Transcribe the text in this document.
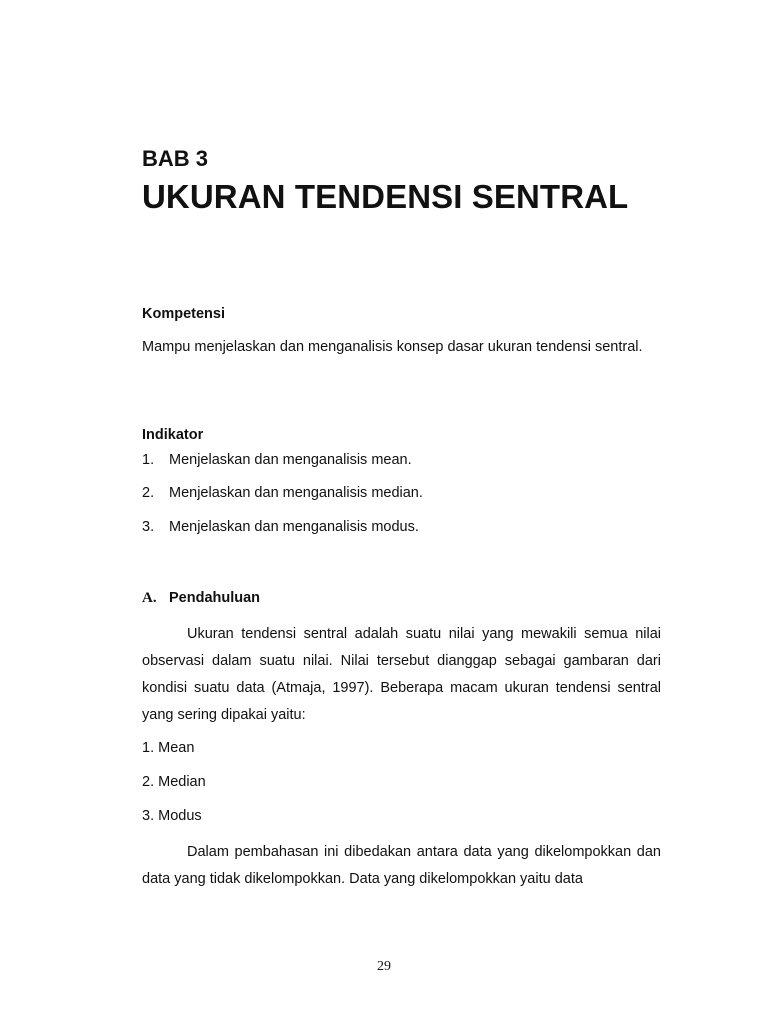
BAB 3
UKURAN TENDENSI SENTRAL

Kompetensi

Mampu menjelaskan dan menganalisis konsep dasar ukuran tendensi sentral.

Indikator

1. Menjelaskan dan menganalisis mean.

2. Menjelaskan dan menganalisis median.

3. Menjelaskan dan menganalisis modus.

A. Pendahuluan

Ukuran tendensi sentral adalah suatu nilai yang mewakili semua nilai observasi dalam suatu nilai. Nilai tersebut dianggap sebagai gambaran dari kondisi suatu data (Atmaja, 1997). Beberapa macam ukuran tendensi sentral yang sering dipakai yaitu:

1. Mean

2. Median

3. Modus

Dalam pembahasan ini dibedakan antara data yang dikelompokkan dan data yang tidak dikelompokkan. Data yang dikelompokkan yaitu data

29
